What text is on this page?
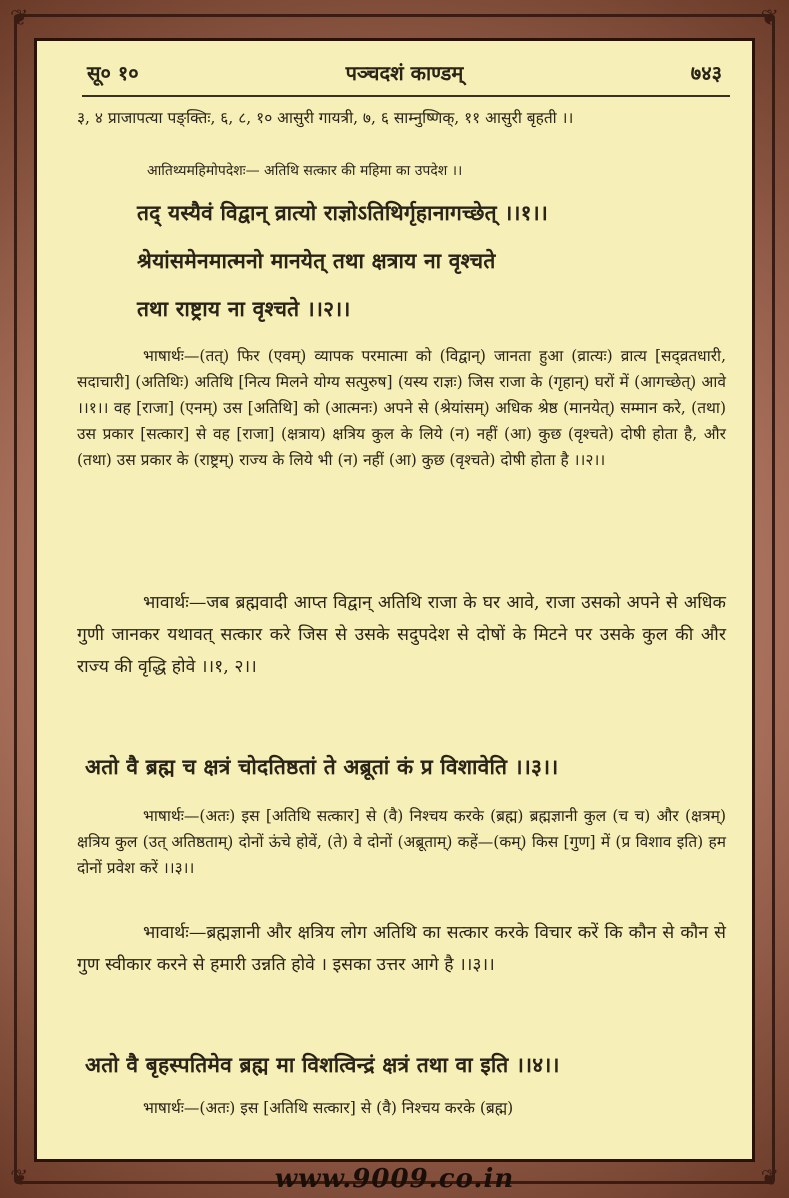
❦	❦
❦	❦
सू० १०	पञ्चदशं काण्डम्	७४३
३, ४ प्राजापत्या पङ्क्तिः, ६, ८, १० आसुरी गायत्री, ७, ६ साम्नुष्णिक्, ११ आसुरी बृहती ।।
आतिथ्यमहिमोपदेशः— अतिथि सत्कार की महिमा का उपदेश ।।
तद् यस्यैवं विद्वान् व्रात्यो राज्ञोऽतिथिर्गृहानागच्छेत् ।।१।।
श्रेयांसमेनमात्मनो मानयेत् तथा क्षत्राय ना वृश्चते
तथा राष्ट्राय ना वृश्चते ।।२।।
भाषार्थः—(तत्) फिर (एवम्) व्यापक परमात्मा को (विद्वान्) जानता हुआ (व्रात्यः) व्रात्य [सद्व्रतधारी, सदाचारी] (अतिथिः) अतिथि [नित्य मिलने योग्य सत्पुरुष] (यस्य राज्ञः) जिस राजा के (गृहान्) घरों में (आगच्छेत्) आवे ।।१।। वह [राजा] (एनम्) उस [अतिथि] को (आत्मनः) अपने से (श्रेयांसम्) अधिक श्रेष्ठ (मानयेत्) सम्मान करे, (तथा) उस प्रकार [सत्कार] से वह [राजा] (क्षत्राय) क्षत्रिय कुल के लिये (न) नहीं (आ) कुछ (वृश्चते) दोषी होता है, और (तथा) उस प्रकार के (राष्ट्रम्) राज्य के लिये भी (न) नहीं (आ) कुछ (वृश्चते) दोषी होता है ।।२।।
भावार्थः—जब ब्रह्मवादी आप्त विद्वान् अतिथि राजा के घर आवे, राजा उसको अपने से अधिक गुणी जानकर यथावत् सत्कार करे जिस से उसके सदुपदेश से दोषों के मिटने पर उसके कुल की और राज्य की वृद्धि होवे ।।१, २।।
अतो वै ब्रह्म च क्षत्रं चोदतिष्ठतां ते अब्रूतां कं प्र विशावेति ।।३।।
भाषार्थः—(अतः) इस [अतिथि सत्कार] से (वै) निश्चय करके (ब्रह्म) ब्रह्मज्ञानी कुल (च च) और (क्षत्रम्) क्षत्रिय कुल (उत् अतिष्ठताम्) दोनों ऊंचे होवें, (ते) वे दोनों (अब्रूताम्) कहें—(कम्) किस [गुण] में (प्र विशाव इति) हम दोनों प्रवेश करें ।।३।।
भावार्थः—ब्रह्मज्ञानी और क्षत्रिय लोग अतिथि का सत्कार करके विचार करें कि कौन से कौन से गुण स्वीकार करने से हमारी उन्नति होवे । इसका उत्तर आगे है ।।३।।
अतो वै बृहस्पतिमेव ब्रह्म मा विशत्विन्द्रं क्षत्रं तथा वा इति ।।४।।
भाषार्थः—(अतः) इस [अतिथि सत्कार] से (वै) निश्चय करके (ब्रह्म)
www.9009.co.in
